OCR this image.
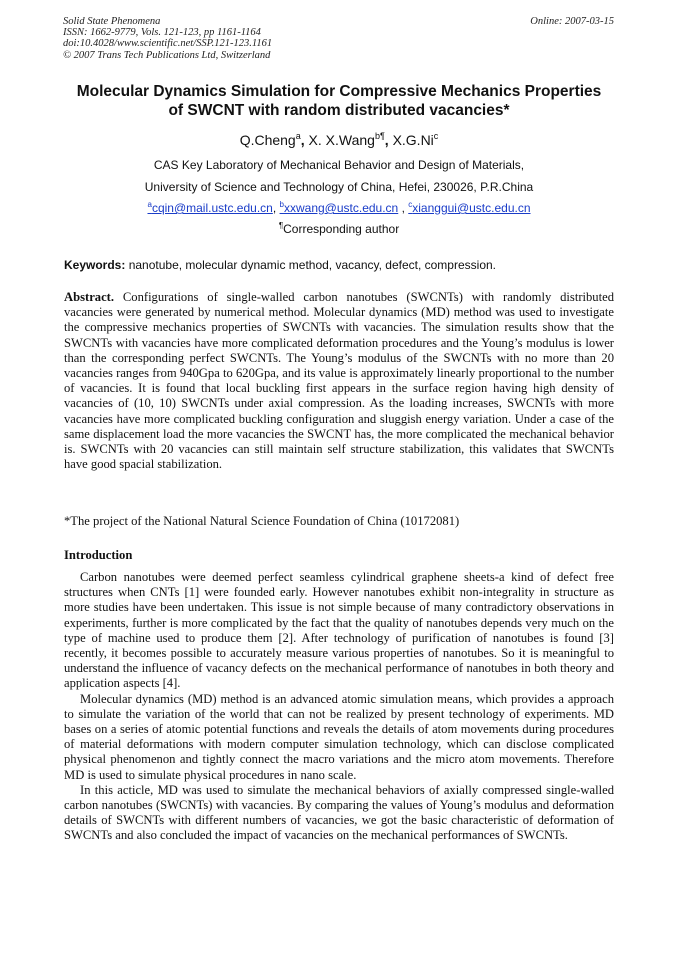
Solid State Phenomena
ISSN: 1662-9779, Vols. 121-123, pp 1161-1164
doi:10.4028/www.scientific.net/SSP.121-123.1161
© 2007 Trans Tech Publications Ltd, Switzerland
Online: 2007-03-15
Molecular Dynamics Simulation for Compressive Mechanics Properties
of SWCNT with random distributed vacancies*
Q.Cheng$^a$, X. X.Wang$^{b\P}$, X.G.Ni$^c$
CAS Key Laboratory of Mechanical Behavior and Design of Materials,
University of Science and Technology of China, Hefei, 230026, P.R.China
$^a$cqin@mail.ustc.edu.cn, $^b$xxwang@ustc.edu.cn , $^c$xianggui@ustc.edu.cn
¶Corresponding author
Keywords: nanotube, molecular dynamic method, vacancy, defect, compression.
Abstract. Configurations of single-walled carbon nanotubes (SWCNTs) with randomly distributed vacancies were generated by numerical method. Molecular dynamics (MD) method was used to investigate the compressive mechanics properties of SWCNTs with vacancies. The simulation results show that the SWCNTs with vacancies have more complicated deformation procedures and the Young’s modulus is lower than the corresponding perfect SWCNTs. The Young’s modulus of the SWCNTs with no more than 20 vacancies ranges from 940Gpa to 620Gpa, and its value is approximately linearly proportional to the number of vacancies. It is found that local buckling first appears in the surface region having high density of vacancies of (10, 10) SWCNTs under axial compression. As the loading increases, SWCNTs with more vacancies have more complicated buckling configuration and sluggish energy variation. Under a case of the same displacement load the more vacancies the SWCNT has, the more complicated the mechanical behavior is. SWCNTs with 20 vacancies can still maintain self structure stabilization, this validates that SWCNTs have good spacial stabilization.
*The project of the National Natural Science Foundation of China (10172081)
Introduction

Carbon nanotubes were deemed perfect seamless cylindrical graphene sheets-a kind of defect free structures when CNTs [1] were founded early. However nanotubes exhibit non-integrality in structure as more studies have been undertaken. This issue is not simple because of many contradictory observations in experiments, further is more complicated by the fact that the quality of nanotubes depends very much on the type of machine used to produce them [2]. After technology of purification of nanotubes is found [3] recently, it becomes possible to accurately measure various properties of nanotubes. So it is meaningful to understand the influence of vacancy defects on the mechanical performance of nanotubes in both theory and application aspects [4].

Molecular dynamics (MD) method is an advanced atomic simulation means, which provides a approach to simulate the variation of the world that can not be realized by present technology of experiments. MD bases on a series of atomic potential functions and reveals the details of atom movements during procedures of material deformations with modern computer simulation technology, which can disclose complicated physical phenomenon and tightly connect the macro variations and the micro atom movements. Therefore MD is used to simulate physical procedures in nano scale.

In this acticle, MD was used to simulate the mechanical behaviors of axially compressed single-walled carbon nanotubes (SWCNTs) with vacancies. By comparing the values of Young’s modulus and deformation details of SWCNTs with different numbers of vacancies, we got the basic characteristic of deformation of SWCNTs and also concluded the impact of vacancies on the mechanical performances of SWCNTs.
